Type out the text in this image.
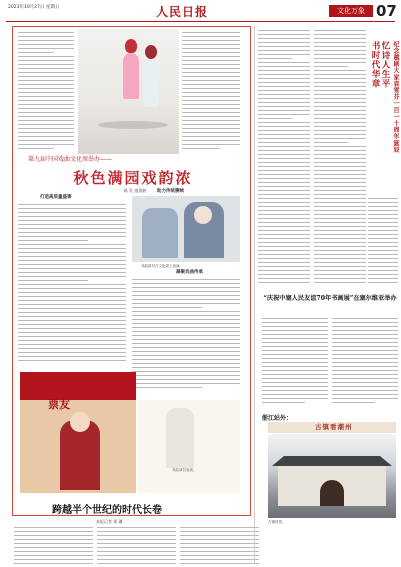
2023年10月27日 星期五	人民日报	文化万象 07
第九届中国戏曲文化周举办——
秋色满园戏韵浓
陈 发 施嘉帆
打造高质量盛事
助力传统赓续
戏曲演员在文化周上表演。
凝聚戏曲传承
票友
戏曲演员表演。
跨越半个世纪的时代长卷
本报记者 郑 珊
纪念越剧大家袁雪芬一百一十周年诞辰
忆诗人生平
书时代华章
“庆祝中塞人民友谊70年书画展”在塞尔维亚举办
浙江站外：
古镇看潮州
古镇风景。
